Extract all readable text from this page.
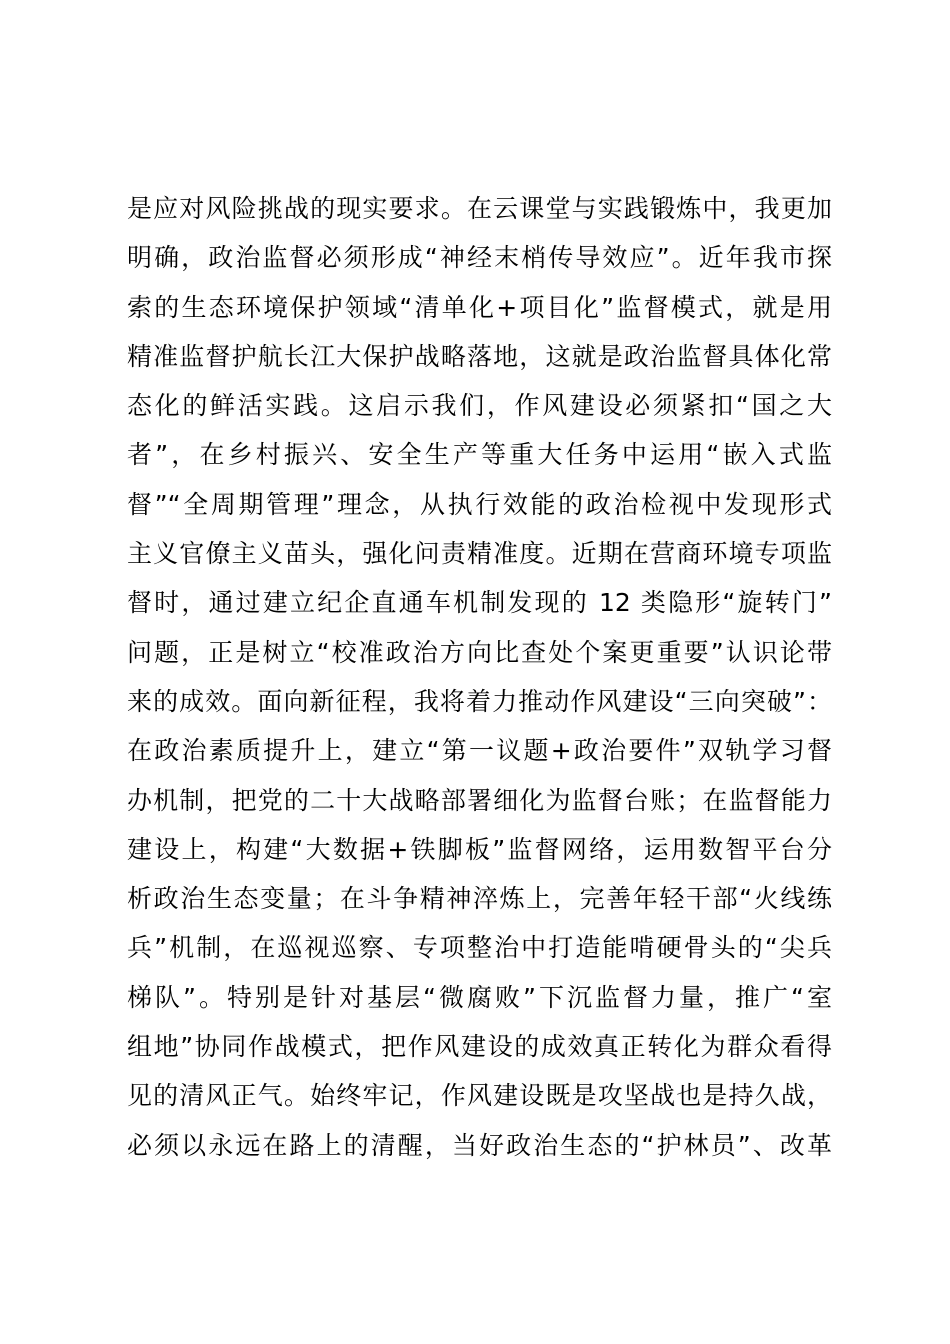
是应对风险挑战的现实要求。在云课堂与实践锻炼中，我更加
明确，政治监督必须形成“神经末梢传导效应”。近年我市探
索的生态环境保护领域“清单化+项目化”监督模式，就是用
精准监督护航长江大保护战略落地，这就是政治监督具体化常
态化的鲜活实践。这启示我们，作风建设必须紧扣“国之大
者”，在乡村振兴、安全生产等重大任务中运用“嵌入式监
督”“全周期管理”理念，从执行效能的政治检视中发现形式
主义官僚主义苗头，强化问责精准度。近期在营商环境专项监
督时，通过建立纪企直通车机制发现的 12 类隐形“旋转门”
问题，正是树立“校准政治方向比查处个案更重要”认识论带
来的成效。面向新征程，我将着力推动作风建设“三向突破”：
在政治素质提升上，建立“第一议题+政治要件”双轨学习督
办机制，把党的二十大战略部署细化为监督台账；在监督能力
建设上，构建“大数据+铁脚板”监督网络，运用数智平台分
析政治生态变量；在斗争精神淬炼上，完善年轻干部“火线练
兵”机制，在巡视巡察、专项整治中打造能啃硬骨头的“尖兵
梯队”。特别是针对基层“微腐败”下沉监督力量，推广“室
组地”协同作战模式，把作风建设的成效真正转化为群众看得
见的清风正气。始终牢记，作风建设既是攻坚战也是持久战，
必须以永远在路上的清醒，当好政治生态的“护林员”、改革
